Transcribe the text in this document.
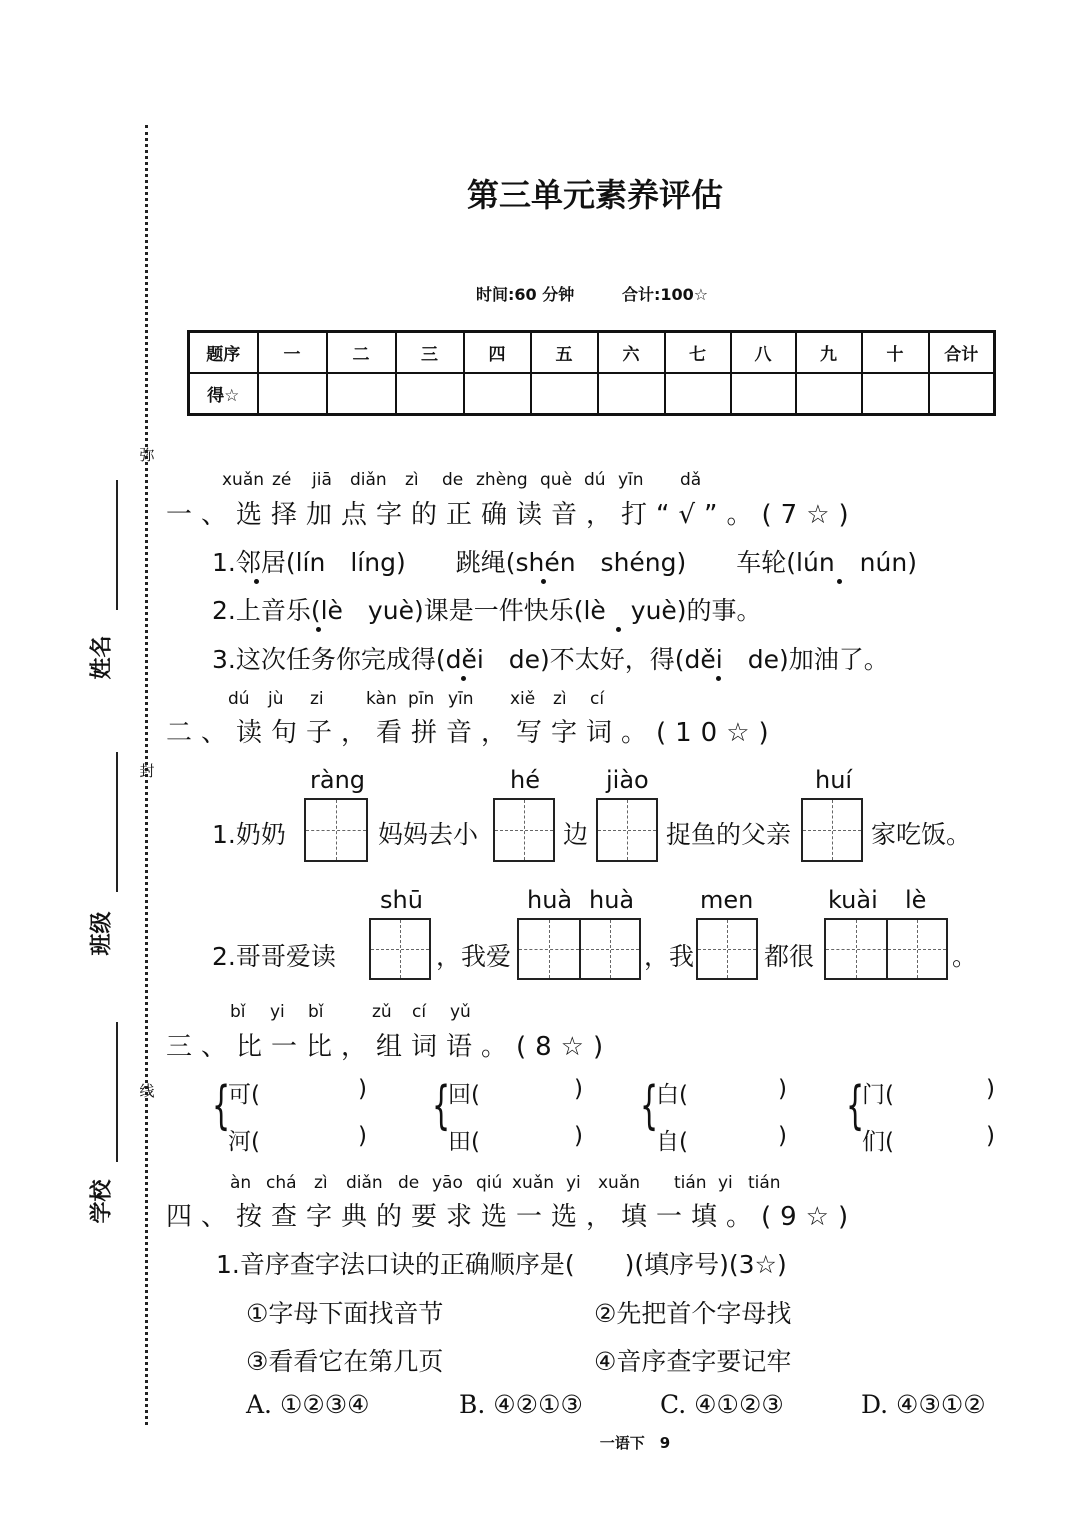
弥
封
线
姓名
班级
学校
第三单元素养评估
时间:60 分钟	合计:100☆
题序	一	二	三	四	五	六	七	八	九	十	合计
得☆											
xuǎn zé jiā diǎn zì de zhèng què dú yīn dǎ
一、选择加点字的正确读音，打“√”。(7☆)
1.邻居(lín　líng)　　跳绳(shén　shéng)　　车轮(lún　nún)
2.上音乐(lè　yuè)课是一件快乐(lè　yuè)的事。
3.这次任务你完成得(děi　de)不太好，得(děi　de)加油了。
dú jù zi kàn pīn yīn xiě zì cí
二、读句子，看拼音，写字词。(10☆)
ràng	hé	jiào	huí
1.奶奶	妈妈去小	边	捉鱼的父亲	家吃饭。
shū	huà huà	men	kuài lè
2.哥哥爱读	，我爱	，我	都很	。
bǐ yi bǐ	zǔ cí yǔ
三、比一比，组词语。(8☆)
{
可(	)
河(	) {
回(	)
田(	) {
白(	)
自(	) {
门(	)
们(	)
àn chá zì diǎn de yāo qiú xuǎn yi xuǎn tián yi tián
四、按查字典的要求选一选，填一填。(9☆)
1.音序查字法口诀的正确顺序是(　　)(填序号)(3☆)
①字母下面找音节	②先把首个字母找
③看看它在第几页	④音序查字要记牢
A. ①②③④	B. ④②①③	C. ④①②③	D. ④③①②
一语下　9
